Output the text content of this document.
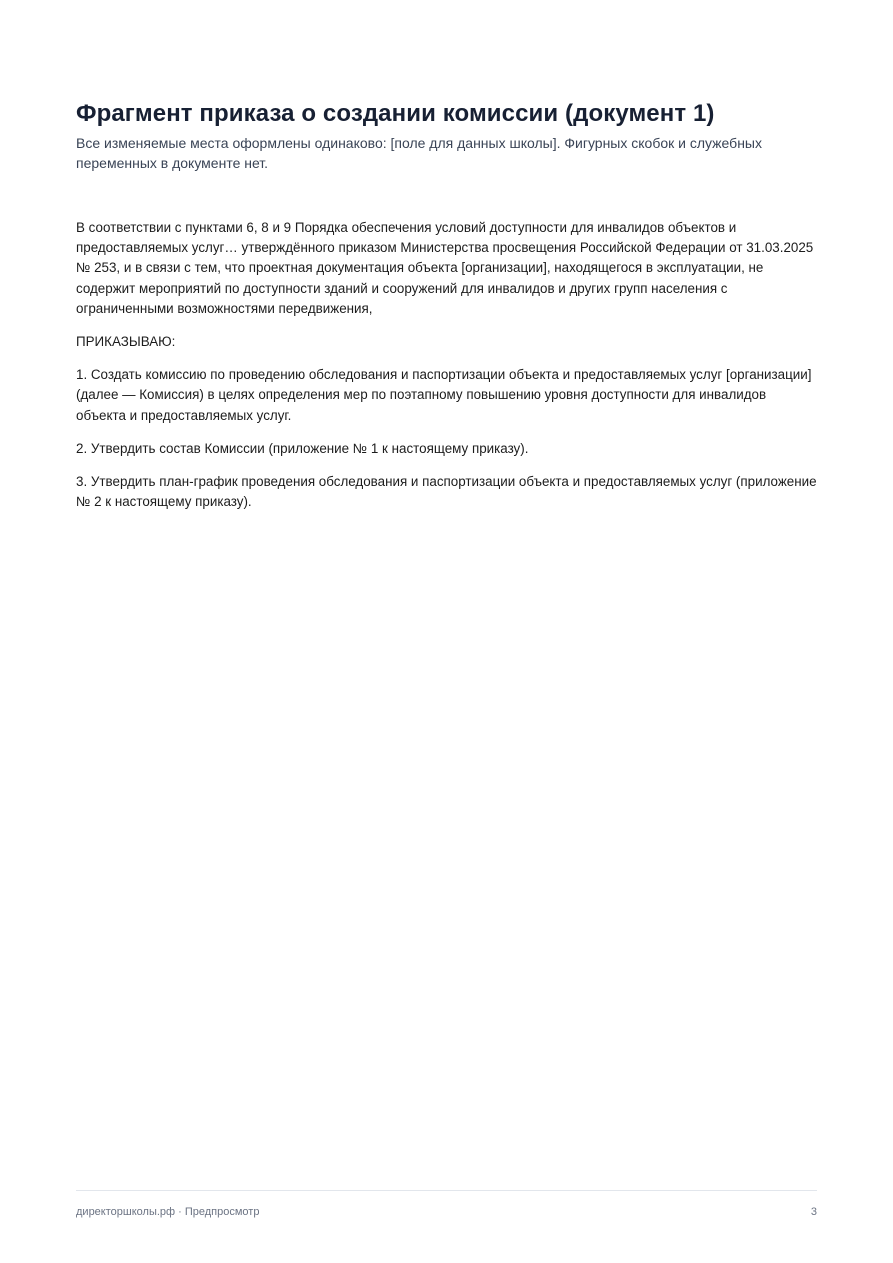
Фрагмент приказа о создании комиссии (документ 1)

Все изменяемые места оформлены одинаково: [поле для данных школы]. Фигурных скобок и служебных переменных в документе нет.

В соответствии с пунктами 6, 8 и 9 Порядка обеспечения условий доступности для инвалидов объектов и предоставляемых услуг… утверждённого приказом Министерства просвещения Российской Федерации от 31.03.2025 № 253, и в связи с тем, что проектная документация объекта [организации], находящегося в эксплуатации, не содержит мероприятий по доступности зданий и сооружений для инвалидов и других групп населения с ограниченными возможностями передвижения,

ПРИКАЗЫВАЮ:

1. Создать комиссию по проведению обследования и паспортизации объекта и предоставляемых услуг [организации] (далее — Комиссия) в целях определения мер по поэтапному повышению уровня доступности для инвалидов объекта и предоставляемых услуг.

2. Утвердить состав Комиссии (приложение № 1 к настоящему приказу).

3. Утвердить план-график проведения обследования и паспортизации объекта и предоставляемых услуг (приложение № 2 к настоящему приказу).

директоршколы.рф · Предпросмотр	3
